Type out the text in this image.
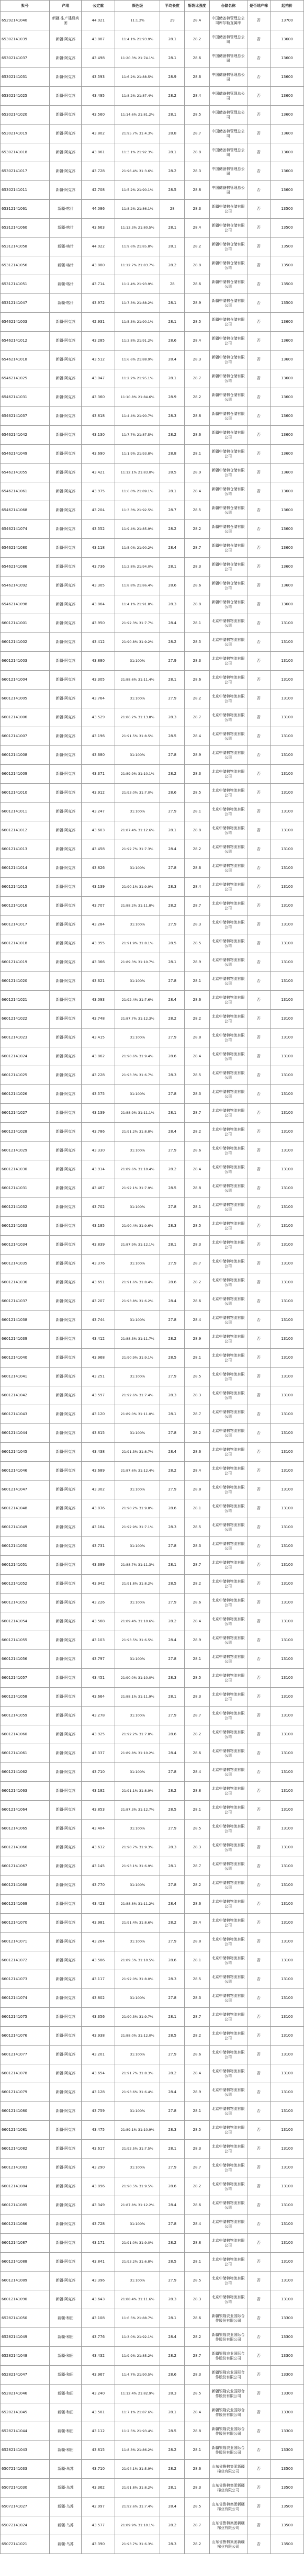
批号	产地	公定重	颜色级	平均长度	断裂比强度	仓储名称	是否地产棉	起拍价
65292141040	新疆-生产建设兵团	44.021	11:1.2%	29	28.4	中国储备棉管理总公司库尔勒直属库	否	13700
65302141039	新疆-阿克苏	43.887	11:4.1% 21:93.9%	28.1	28.2	中国储备棉管理总公司	否	13600
65302141037	新疆-阿克苏	43.498	11:20.3% 21:74.1%	28.1	28.6	中国储备棉管理总公司	否	13600
65302141031	新疆-阿克苏	43.593	11:6.2% 21:88.5%	28.9	28.6	中国储备棉管理总公司	否	13600
65302141025	新疆-阿克苏	43.495	11:8.2% 21:87.4%	28.2	28.4	中国储备棉管理总公司	否	13600
65302141020	新疆-阿克苏	43.560	11:14.6% 21:81.2%	28.1	28.5	中国储备棉管理总公司	否	13600
65302141019	新疆-阿克苏	43.802	21:95.7% 31:4.3%	28.8	28.7	中国储备棉管理总公司	否	13600
65302141018	新疆-阿克苏	43.861	11:3.1% 21:92.3%	28.1	28.8	中国储备棉管理总公司	否	13600
65302141017	新疆-阿克苏	43.728	21:96.4% 31:3.6%	28.2	28.3	中国储备棉管理总公司	否	13600
65302141011	新疆-阿克苏	42.708	11:5.2% 21:90.1%	28.5	28.8	中国储备棉管理总公司	否	13600
65312141061	新疆-喀什	44.086	11:8.2% 21:86.1%	28	28.3	新疆中储棉仓储有限公司	否	13500
65312141060	新疆-喀什	43.663	11:13.3% 21:80.5%	28.1	28.4	新疆中储棉仓储有限公司	否	13500
65312141058	新疆-喀什	44.022	11:9.6% 21:85.8%	28.1	28.2	新疆中储棉仓储有限公司	否	13500
65312141056	新疆-喀什	43.880	11:12.7% 21:83.7%	28.2	28.8	新疆中储棉仓储有限公司	否	13500
65312141051	新疆-喀什	43.714	11:2.4% 21:93.9%	28	28.6	新疆中储棉仓储有限公司	否	13500
65312141047	新疆-喀什	43.972	11:7.3% 21:88.2%	28.1	28.9	新疆中储棉仓储有限公司	否	13500
65462141003	新疆-阿克苏	42.931	11:5.3% 21:90.1%	28.1	28.5	新疆中储棉仓储有限公司	否	13600
65462141012	新疆-阿克苏	43.285	11:3.8% 21:91.2%	28.6	28.4	新疆中储棉仓储有限公司	否	13600
65462141018	新疆-阿克苏	43.512	11:6.6% 21:88.9%	28.4	28.3	新疆中储棉仓储有限公司	否	13600
65462141025	新疆-阿克苏	43.047	11:2.2% 21:95.1%	28.1	28.7	新疆中储棉仓储有限公司	否	13600
65462141031	新疆-阿克苏	43.360	11:10.8% 21:84.6%	28.9	28.2	新疆中储棉仓储有限公司	否	13600
65462141037	新疆-阿克苏	43.818	11:4.4% 21:90.7%	28.3	28.8	新疆中储棉仓储有限公司	否	13600
65462141042	新疆-阿克苏	43.130	11:7.7% 21:87.5%	28.2	28.6	新疆中储棉仓储有限公司	否	13600
65462141049	新疆-阿克苏	43.690	11:1.9% 21:93.8%	28.8	28.1	新疆中储棉仓储有限公司	否	13600
65462141055	新疆-阿克苏	43.421	11:12.1% 21:83.0%	28.5	28.9	新疆中储棉仓储有限公司	否	13600
65462141061	新疆-阿克苏	43.975	11:6.0% 21:89.1%	28.1	28.4	新疆中储棉仓储有限公司	否	13600
65462141068	新疆-阿克苏	43.204	11:3.3% 21:92.5%	28.7	28.5	新疆中储棉仓储有限公司	否	13600
65462141074	新疆-阿克苏	43.552	11:9.4% 21:85.9%	28.2	28.2	新疆中储棉仓储有限公司	否	13600
65462141080	新疆-阿克苏	43.118	11:5.0% 21:90.2%	28.4	28.7	新疆中储棉仓储有限公司	否	13600
65462141086	新疆-阿克苏	43.736	11:2.8% 21:94.0%	28.1	28.3	新疆中储棉仓储有限公司	否	13600
65462141092	新疆-阿克苏	43.305	11:8.8% 21:86.4%	28.6	28.6	新疆中储棉仓储有限公司	否	13600
65462141098	新疆-阿克苏	43.864	11:4.1% 21:91.8%	28.3	28.8	新疆中储棉仓储有限公司	否	13600
66012141001	新疆-阿克苏	43.950	21:92.3% 31:7.7%	28.4	28.1	北京中储棉物流有限公司	否	13100
66012141002	新疆-阿克苏	43.412	21:90.8% 31:9.2%	28.2	28.5	北京中储棉物流有限公司	否	13100
66012141003	新疆-阿克苏	43.880	31:100%	27.9	28.3	北京中储棉物流有限公司	否	13100
66012141004	新疆-阿克苏	43.305	21:88.6% 31:11.4%	28.1	28.6	北京中储棉物流有限公司	否	13100
66012141005	新疆-阿克苏	43.764	31:100%	27.9	28.2	北京中储棉物流有限公司	否	13100
66012141006	新疆-阿克苏	43.529	21:86.2% 31:13.8%	28.3	28.7	北京中储棉物流有限公司	否	13100
66012141007	新疆-阿克苏	43.196	21:91.5% 31:8.5%	28.5	28.4	北京中储棉物流有限公司	否	13100
66012141008	新疆-阿克苏	43.680	31:100%	27.8	28.9	北京中储棉物流有限公司	否	13100
66012141009	新疆-阿克苏	43.371	21:89.9% 31:10.1%	28.2	28.3	北京中储棉物流有限公司	否	13100
66012141010	新疆-阿克苏	43.912	21:93.0% 31:7.0%	28.6	28.5	北京中储棉物流有限公司	否	13100
66012141011	新疆-阿克苏	43.247	31:100%	27.9	28.1	北京中储棉物流有限公司	否	13100
66012141012	新疆-阿克苏	43.603	21:87.4% 31:12.6%	28.1	28.8	北京中储棉物流有限公司	否	13100
66012141013	新疆-阿克苏	43.458	21:92.7% 31:7.3%	28.4	28.2	北京中储棉物流有限公司	否	13100
66012141014	新疆-阿克苏	43.826	31:100%	27.8	28.6	北京中储棉物流有限公司	否	13100
66012141015	新疆-阿克苏	43.139	21:90.1% 31:9.9%	28.3	28.4	北京中储棉物流有限公司	否	13100
66012141016	新疆-阿克苏	43.707	21:88.2% 31:11.8%	28.2	28.7	北京中储棉物流有限公司	否	13100
66012141017	新疆-阿克苏	43.284	31:100%	27.9	28.3	北京中储棉物流有限公司	否	13100
66012141018	新疆-阿克苏	43.955	21:91.9% 31:8.1%	28.5	28.5	北京中储棉物流有限公司	否	13100
66012141019	新疆-阿克苏	43.366	21:89.3% 31:10.7%	28.1	28.9	北京中储棉物流有限公司	否	13100
66012141020	新疆-阿克苏	43.621	31:100%	27.8	28.1	北京中储棉物流有限公司	否	13100
66012141021	新疆-阿克苏	43.093	21:92.4% 31:7.6%	28.4	28.6	北京中储棉物流有限公司	否	13100
66012141022	新疆-阿克苏	43.748	21:87.7% 31:12.3%	28.2	28.2	北京中储棉物流有限公司	否	13100
66012141023	新疆-阿克苏	43.415	31:100%	27.9	28.8	北京中储棉物流有限公司	否	13100
66012141024	新疆-阿克苏	43.862	21:90.6% 31:9.4%	28.6	28.4	北京中储棉物流有限公司	否	13100
66012141025	新疆-阿克苏	43.228	21:93.3% 31:6.7%	28.3	28.5	北京中储棉物流有限公司	否	13100
66012141026	新疆-阿克苏	43.575	31:100%	27.8	28.3	北京中储棉物流有限公司	否	13100
66012141027	新疆-阿克苏	43.139	21:88.9% 31:11.1%	28.1	28.7	北京中储棉物流有限公司	否	13100
66012141028	新疆-阿克苏	43.786	21:91.2% 31:8.8%	28.4	28.2	北京中储棉物流有限公司	否	13100
66012141029	新疆-阿克苏	43.330	31:100%	27.9	28.6	北京中储棉物流有限公司	否	13100
66012141030	新疆-阿克苏	43.914	21:89.6% 31:10.4%	28.2	28.4	北京中储棉物流有限公司	否	13100
66012141031	新疆-阿克苏	43.467	21:92.1% 31:7.9%	28.5	28.8	北京中储棉物流有限公司	否	13100
66012141032	新疆-阿克苏	43.702	31:100%	27.8	28.1	北京中储棉物流有限公司	否	13100
66012141033	新疆-阿克苏	43.185	21:90.4% 31:9.6%	28.3	28.5	北京中储棉物流有限公司	否	13100
66012141034	新疆-阿克苏	43.839	21:87.9% 31:12.1%	28.1	28.3	北京中储棉物流有限公司	否	13100
66012141035	新疆-阿克苏	43.376	31:100%	27.9	28.7	北京中储棉物流有限公司	否	13100
66012141036	新疆-阿克苏	43.651	21:91.6% 31:8.4%	28.6	28.2	北京中储棉物流有限公司	否	13100
66012141037	新疆-阿克苏	43.207	21:93.8% 31:6.2%	28.4	28.6	北京中储棉物流有限公司	否	13100
66012141038	新疆-阿克苏	43.744	31:100%	27.8	28.4	北京中储棉物流有限公司	否	13100
66012141039	新疆-阿克苏	43.412	21:88.3% 31:11.7%	28.2	28.9	北京中储棉物流有限公司	否	13100
66012141040	新疆-阿克苏	43.968	21:90.9% 31:9.1%	28.5	28.1	北京中储棉物流有限公司	否	13100
66012141041	新疆-阿克苏	43.251	31:100%	27.9	28.5	北京中储棉物流有限公司	否	13100
66012141042	新疆-阿克苏	43.597	21:92.6% 31:7.4%	28.3	28.3	北京中储棉物流有限公司	否	13100
66012141043	新疆-阿克苏	43.120	21:89.0% 31:11.0%	28.1	28.7	北京中储棉物流有限公司	否	13100
66012141044	新疆-阿克苏	43.815	31:100%	27.8	28.2	北京中储棉物流有限公司	否	13100
66012141045	新疆-阿克苏	43.438	21:91.3% 31:8.7%	28.4	28.6	北京中储棉物流有限公司	否	13100
66012141046	新疆-阿克苏	43.689	21:87.6% 31:12.4%	28.2	28.4	北京中储棉物流有限公司	否	13100
66012141047	新疆-阿克苏	43.302	31:100%	27.9	28.8	北京中储棉物流有限公司	否	13100
66012141048	新疆-阿克苏	43.876	21:90.2% 31:9.8%	28.6	28.1	北京中储棉物流有限公司	否	13100
66012141049	新疆-阿克苏	43.164	21:92.9% 31:7.1%	28.3	28.5	北京中储棉物流有限公司	否	13100
66012141050	新疆-阿克苏	43.731	31:100%	27.8	28.3	北京中储棉物流有限公司	否	13100
66012141051	新疆-阿克苏	43.389	21:88.7% 31:11.3%	28.1	28.7	北京中储棉物流有限公司	否	13100
66012141052	新疆-阿克苏	43.942	21:91.8% 31:8.2%	28.5	28.2	北京中储棉物流有限公司	否	13100
66012141053	新疆-阿克苏	43.226	31:100%	27.9	28.6	北京中储棉物流有限公司	否	13100
66012141054	新疆-阿克苏	43.568	21:89.4% 31:10.6%	28.2	28.4	北京中储棉物流有限公司	否	13100
66012141055	新疆-阿克苏	43.103	21:93.5% 31:6.5%	28.4	28.9	北京中储棉物流有限公司	否	13100
66012141056	新疆-阿克苏	43.797	31:100%	27.8	28.1	北京中储棉物流有限公司	否	13100
66012141057	新疆-阿克苏	43.451	21:90.0% 31:10.0%	28.3	28.5	北京中储棉物流有限公司	否	13100
66012141058	新疆-阿克苏	43.664	21:88.1% 31:11.9%	28.1	28.3	北京中储棉物流有限公司	否	13100
66012141059	新疆-阿克苏	43.278	31:100%	27.9	28.7	北京中储棉物流有限公司	否	13100
66012141060	新疆-阿克苏	43.925	21:92.2% 31:7.8%	28.6	28.2	北京中储棉物流有限公司	否	13100
66012141061	新疆-阿克苏	43.337	21:89.8% 31:10.2%	28.4	28.6	北京中储棉物流有限公司	否	13100
66012141062	新疆-阿克苏	43.710	31:100%	27.8	28.4	北京中储棉物流有限公司	否	13100
66012141063	新疆-阿克苏	43.182	21:91.1% 31:8.9%	28.2	28.8	北京中储棉物流有限公司	否	13100
66012141064	新疆-阿克苏	43.853	21:87.3% 31:12.7%	28.5	28.1	北京中储棉物流有限公司	否	13100
66012141065	新疆-阿克苏	43.404	31:100%	27.9	28.5	北京中储棉物流有限公司	否	13100
66012141066	新疆-阿克苏	43.632	21:90.7% 31:9.3%	28.3	28.3	北京中储棉物流有限公司	否	13100
66012141067	新疆-阿克苏	43.145	21:93.1% 31:6.9%	28.1	28.7	北京中储棉物流有限公司	否	13100
66012141068	新疆-阿克苏	43.770	31:100%	27.8	28.2	北京中储棉物流有限公司	否	13100
66012141069	新疆-阿克苏	43.423	21:88.8% 31:11.2%	28.4	28.6	北京中储棉物流有限公司	否	13100
66012141070	新疆-阿克苏	43.981	21:91.4% 31:8.6%	28.2	28.4	北京中储棉物流有限公司	否	13100
66012141071	新疆-阿克苏	43.264	31:100%	27.9	28.8	北京中储棉物流有限公司	否	13100
66012141072	新疆-阿克苏	43.586	21:89.5% 31:10.5%	28.6	28.1	北京中储棉物流有限公司	否	13100
66012141073	新疆-阿克苏	43.117	21:92.0% 31:8.0%	28.3	28.5	北京中储棉物流有限公司	否	13100
66012141074	新疆-阿克苏	43.802	31:100%	27.8	28.3	北京中储棉物流有限公司	否	13100
66012141075	新疆-阿克苏	43.356	21:90.3% 31:9.7%	28.1	28.7	北京中储棉物流有限公司	否	13100
66012141076	新疆-阿克苏	43.938	21:88.0% 31:12.0%	28.5	28.2	北京中储棉物流有限公司	否	13100
66012141077	新疆-阿克苏	43.201	31:100%	27.9	28.6	北京中储棉物流有限公司	否	13100
66012141078	新疆-阿克苏	43.654	21:91.7% 31:8.3%	28.2	28.4	北京中储棉物流有限公司	否	13100
66012141079	新疆-阿克苏	43.128	21:93.6% 31:6.4%	28.4	28.9	北京中储棉物流有限公司	否	13100
66012141080	新疆-阿克苏	43.759	31:100%	27.8	28.1	北京中储棉物流有限公司	否	13100
66012141081	新疆-阿克苏	43.475	21:89.1% 31:10.9%	28.3	28.5	北京中储棉物流有限公司	否	13100
66012141082	新疆-阿克苏	43.617	21:92.5% 31:7.5%	28.1	28.3	北京中储棉物流有限公司	否	13100
66012141083	新疆-阿克苏	43.290	31:100%	27.9	28.7	北京中储棉物流有限公司	否	13100
66012141084	新疆-阿克苏	43.896	21:90.5% 31:9.5%	28.6	28.2	北京中储棉物流有限公司	否	13100
66012141085	新疆-阿克苏	43.349	21:87.8% 31:12.2%	28.4	28.6	北京中储棉物流有限公司	否	13100
66012141086	新疆-阿克苏	43.728	31:100%	27.8	28.4	北京中储棉物流有限公司	否	13100
66012141087	新疆-阿克苏	43.171	21:91.0% 31:9.0%	28.2	28.8	北京中储棉物流有限公司	否	13100
66012141088	新疆-阿克苏	43.841	21:93.2% 31:6.8%	28.5	28.1	北京中储棉物流有限公司	否	13100
66012141089	新疆-阿克苏	43.396	31:100%	27.9	28.5	北京中储棉物流有限公司	否	13100
66012141090	新疆-阿克苏	43.643	21:88.4% 31:11.6%	28.3	28.3	北京中储棉物流有限公司	否	13100
65282141050	新疆-和田	43.108	11:6.5% 21:88.7%	28.1	28.6	新疆银隆农业国际合作股份有限公司	否	13300
65282141049	新疆-和田	43.776	11:3.0% 21:92.1%	28.4	28.2	新疆银隆农业国际合作股份有限公司	否	13300
65282141048	新疆-和田	43.432	11:9.9% 21:85.2%	28.2	28.7	新疆银隆农业国际合作股份有限公司	否	13300
65282141047	新疆-和田	43.967	11:4.7% 21:90.5%	28.6	28.3	新疆银隆农业国际合作股份有限公司	否	13300
65282141046	新疆-和田	43.240	11:12.4% 21:82.9%	28.3	28.5	新疆银隆农业国际合作股份有限公司	否	13300
65282141045	新疆-和田	43.581	11:7.1% 21:87.6%	28.1	28.4	新疆银隆农业国际合作股份有限公司	否	13300
65282141044	新疆-和田	43.112	11:2.5% 21:93.4%	28.5	28.8	新疆银隆农业国际合作股份有限公司	否	13300
65282141043	新疆-和田	43.815	11:8.3% 21:86.2%	28.2	28.1	新疆银隆农业国际合作股份有限公司	否	13300
65072141033	新疆-乌苏	43.710	21:94.1% 31:5.9%	28.2	28.6	山东省鲁棉集团新疆棉业有限公司	否	13500
65072141030	新疆-乌苏	43.362	21:91.8% 31:8.2%	28.1	28.3	山东省鲁棉集团新疆棉业有限公司	否	13500
65072141027	新疆-乌苏	42.997	21:92.6% 31:7.4%	28.4	28.5	山东省鲁棉集团新疆棉业有限公司	否	13500
65072141024	新疆-乌苏	43.577	21:89.9% 31:10.1%	28.2	28.7	山东省鲁棉集团新疆棉业有限公司	否	13500
65072141021	新疆-乌苏	43.390	21:93.7% 31:6.3%	28.3	28.2	山东省鲁棉集团新疆棉业有限公司	否	13500
